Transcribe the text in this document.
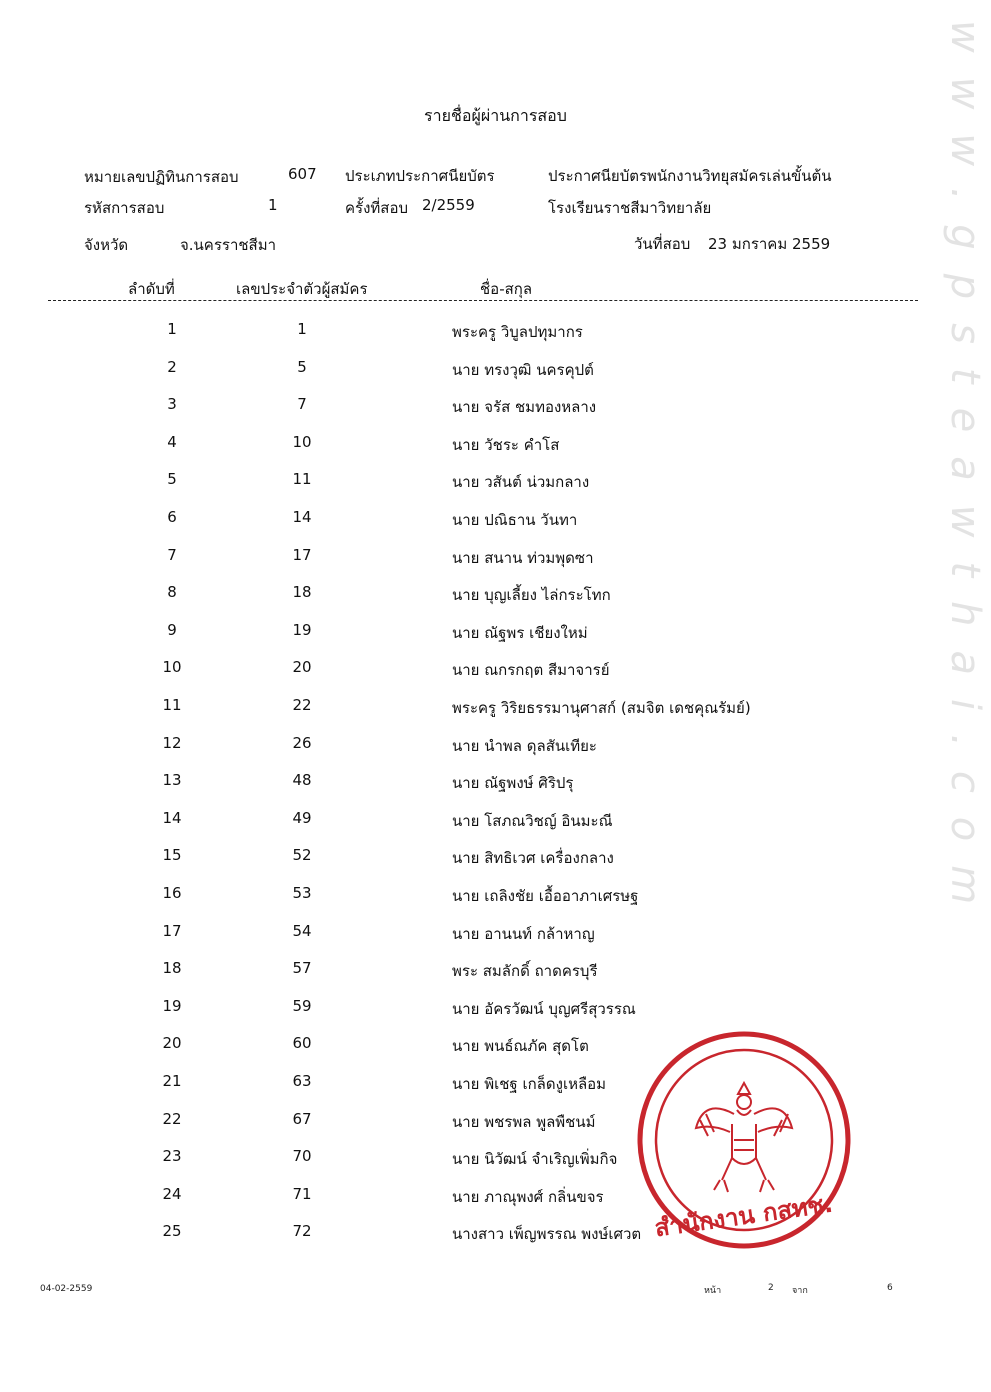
www.gpsteawthai.com
รายชื่อผู้ผ่านการสอบ
หมายเลขปฏิทินการสอบ	607 ประเภทประกาศนียบัตร	ประกาศนียบัตรพนักงานวิทยุสมัครเล่นขั้นต้น
รหัสการสอบ	1	ครั้งที่สอบ 2/2559	โรงเรียนราชสีมาวิทยาลัย
จังหวัด	จ.นครราชสีมา	วันที่สอบ 23 มกราคม 2559
ลำดับที่	เลขประจำตัวผู้สมัคร	ชื่อ-สกุล
1	1	พระครู วิบูลปทุมากร
2	5	นาย ทรงวุฒิ นครคุปต์
3	7	นาย จรัส ชมทองหลาง
4	10	นาย วัชระ คำโส
5	11	นาย วสันต์ น่วมกลาง
6	14	นาย ปณิธาน วันทา
7	17	นาย สนาน ท่วมพุดซา
8	18	นาย บุญเลี้ยง ไล่กระโทก
9	19	นาย ณัฐพร เชียงใหม่
10	20	นาย ณกรกฤต สีมาจารย์
11	22	พระครู วิริยธรรมานุศาสก์ (สมจิต เดชคุณรัมย์)
12	26	นาย นำพล ดุลสันเทียะ
13	48	นาย ณัฐพงษ์ ศิริปรุ
14	49	นาย โสภณวิชญ์ อินมะณี
15	52	นาย สิทธิเวศ เครื่องกลาง
16	53	นาย เถลิงชัย เอื้ออาภาเศรษฐ
17	54	นาย อานนท์ กล้าหาญ
18	57	พระ สมลักดิ์ ถาดครบุรี
19	59	นาย อัครวัฒน์ บุญศรีสุวรรณ
20	60	นาย พนธ์ณภัค สุดโต
21	63	นาย พิเชฐ เกล็ดงูเหลือม
22	67	นาย พชรพล พูลพืชนม์
23	70	นาย นิวัฒน์ จำเริญเพิ่มกิจ
24	71	นาย ภาณุพงศ์ กลิ่นขจร
25	72	นางสาว เพ็ญพรรณ พงษ์เศวต สำนักงาน กสทช.
04-02-2559	หน้า	2 จาก	6
